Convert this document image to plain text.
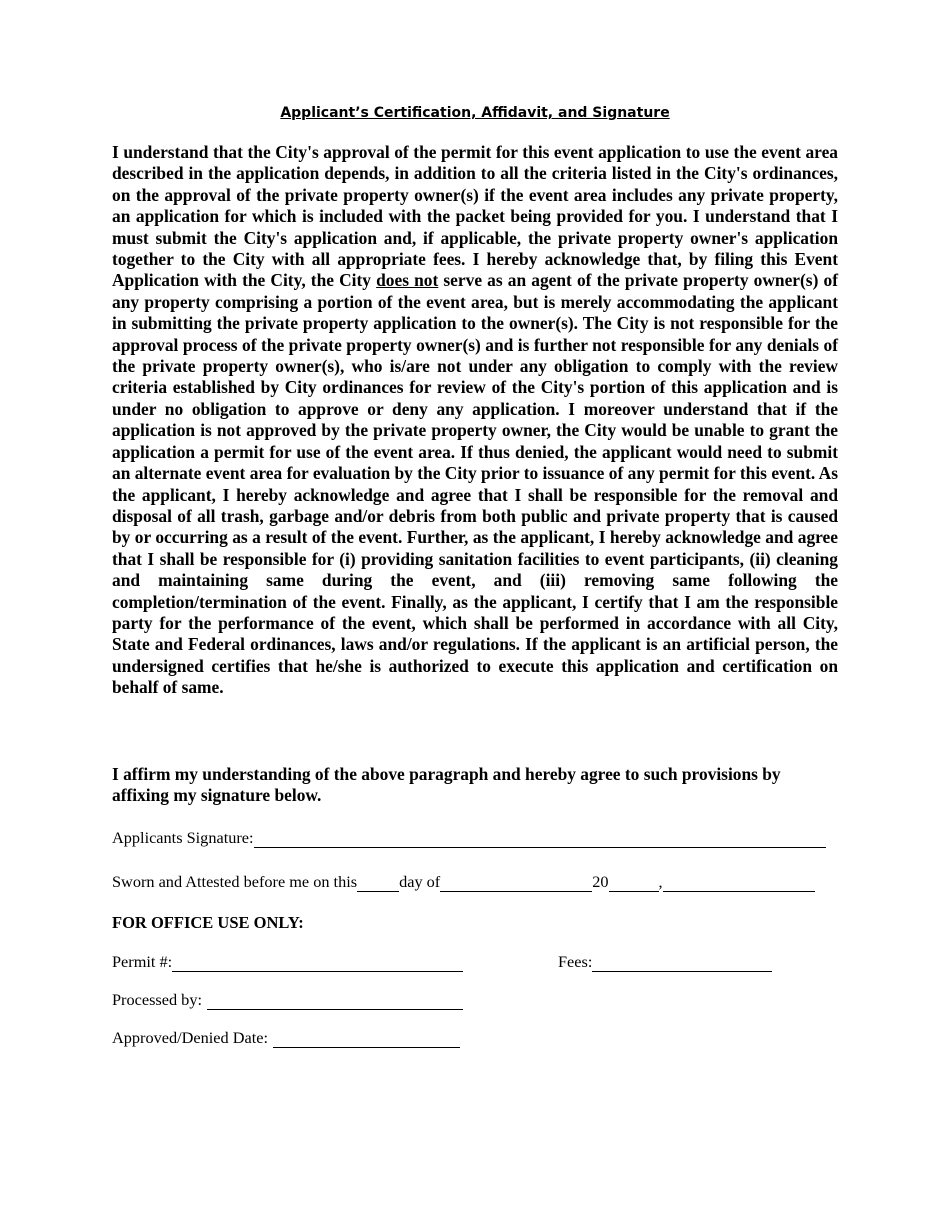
Applicant’s Certification, Affidavit, and Signature

I understand that the City's approval of the permit for this event application to use the event area described in the application depends, in addition to all the criteria listed in the City's ordinances, on the approval of the private property owner(s) if the event area includes any private property, an application for which is included with the packet being provided for you. I understand that I must submit the City's application and, if applicable, the private property owner's application together to the City with all appropriate fees. I hereby acknowledge that, by filing this Event Application with the City, the City does not serve as an agent of the private property owner(s) of any property comprising a portion of the event area, but is merely accommodating the applicant in submitting the private property application to the owner(s). The City is not responsible for the approval process of the private property owner(s) and is further not responsible for any denials of the private property owner(s), who is/are not under any obligation to comply with the review criteria established by City ordinances for review of the City's portion of this application and is under no obligation to approve or deny any application. I moreover understand that if the application is not approved by the private property owner, the City would be unable to grant the application a permit for use of the event area. If thus denied, the applicant would need to submit an alternate event area for evaluation by the City prior to issuance of any permit for this event. As the applicant, I hereby acknowledge and agree that I shall be responsible for the removal and disposal of all trash, garbage and/or debris from both public and private property that is caused by or occurring as a result of the event. Further, as the applicant, I hereby acknowledge and agree that I shall be responsible for (i) providing sanitation facilities to event participants, (ii) cleaning and maintaining same during the event, and (iii) removing same following the completion/termination of the event. Finally, as the applicant, I certify that I am the responsible party for the performance of the event, which shall be performed in accordance with all City, State and Federal ordinances, laws and/or regulations. If the applicant is an artificial person, the undersigned certifies that he/she is authorized to execute this application and certification on behalf of same.

I affirm my understanding of the above paragraph and hereby agree to such provisions by affixing my signature below.

Applicants Signature:
Sworn and Attested before me on this	day of	20	,
FOR OFFICE USE ONLY:
Permit #:	Fees:
Processed by:
Approved/Denied Date:
